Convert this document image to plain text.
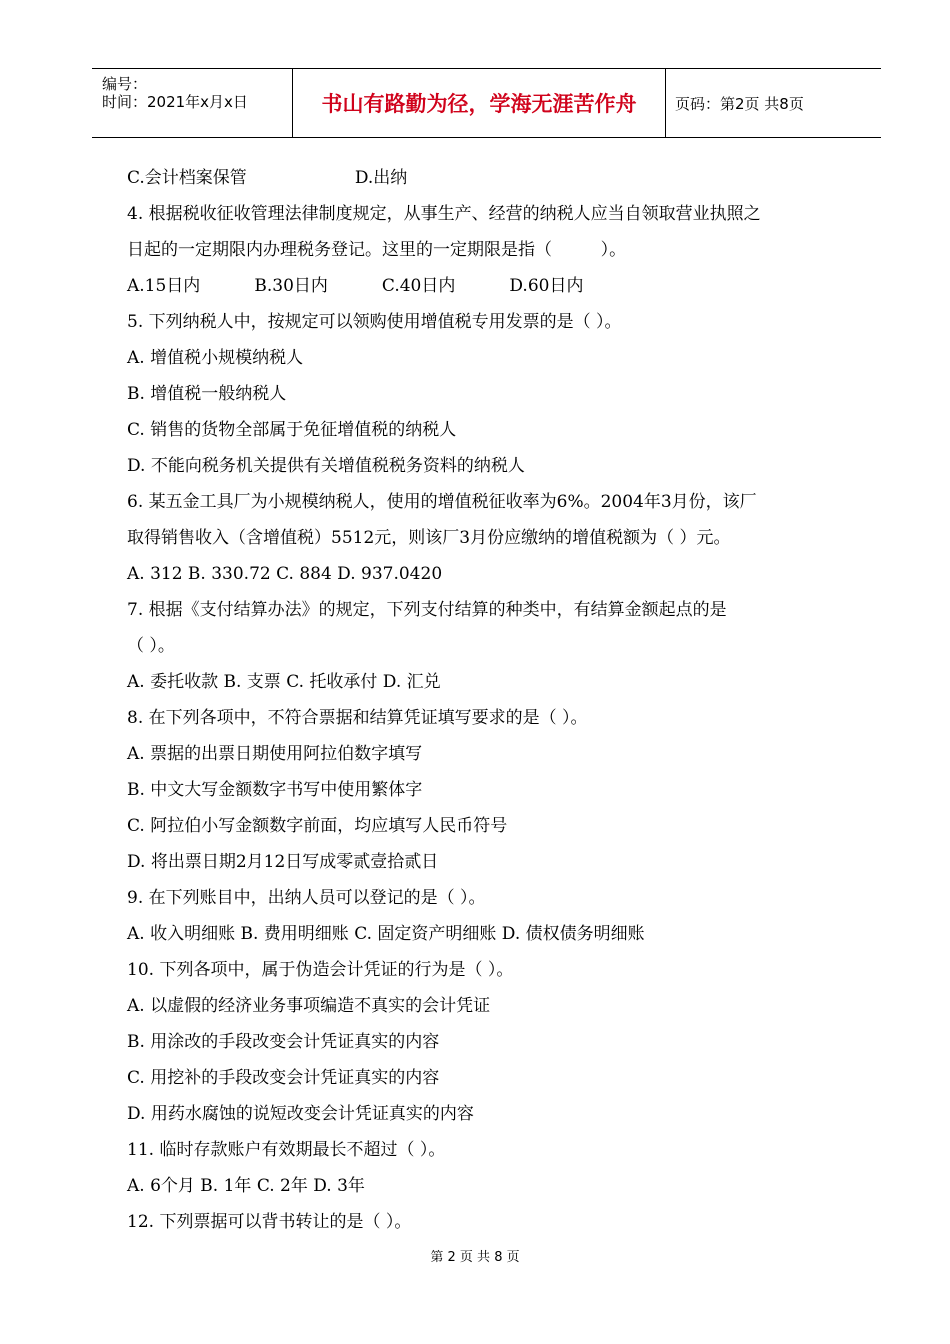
编号：
时间：2021年x月x日	书山有路勤为径，学海无涯苦作舟	页码：第2页 共8页
C.会计档案保管                    D.出纳
4. 根据税收征收管理法律制度规定，从事生产、经营的纳税人应当自领取营业执照之
日起的一定期限内办理税务登记。这里的一定期限是指（         ）。
A.15日内          B.30日内          C.40日内          D.60日内
5. 下列纳税人中，按规定可以领购使用增值税专用发票的是（ ）。
A. 增值税小规模纳税人
B. 增值税一般纳税人
C. 销售的货物全部属于免征增值税的纳税人
D. 不能向税务机关提供有关增值税税务资料的纳税人
6. 某五金工具厂为小规模纳税人，使用的增值税征收率为6%。2004年3月份，该厂
取得销售收入（含增值税）5512元，则该厂3月份应缴纳的增值税额为（ ）元。
A. 312 B. 330.72 C. 884 D. 937.0420
7. 根据《支付结算办法》的规定，下列支付结算的种类中，有结算金额起点的是
（ ）。
A. 委托收款 B. 支票 C. 托收承付 D. 汇兑
8. 在下列各项中，不符合票据和结算凭证填写要求的是（ ）。
A. 票据的出票日期使用阿拉伯数字填写
B. 中文大写金额数字书写中使用繁体字
C. 阿拉伯小写金额数字前面，均应填写人民币符号
D. 将出票日期2月12日写成零贰壹拾贰日
9. 在下列账目中，出纳人员可以登记的是（ ）。
A. 收入明细账 B. 费用明细账 C. 固定资产明细账 D. 债权债务明细账
10. 下列各项中，属于伪造会计凭证的行为是（ ）。
A. 以虚假的经济业务事项编造不真实的会计凭证
B. 用涂改的手段改变会计凭证真实的内容
C. 用挖补的手段改变会计凭证真实的内容
D. 用药水腐蚀的说短改变会计凭证真实的内容
11. 临时存款账户有效期最长不超过（ ）。
A. 6个月 B. 1年 C. 2年 D. 3年
12. 下列票据可以背书转让的是（ ）。
第 2 页 共 8 页
